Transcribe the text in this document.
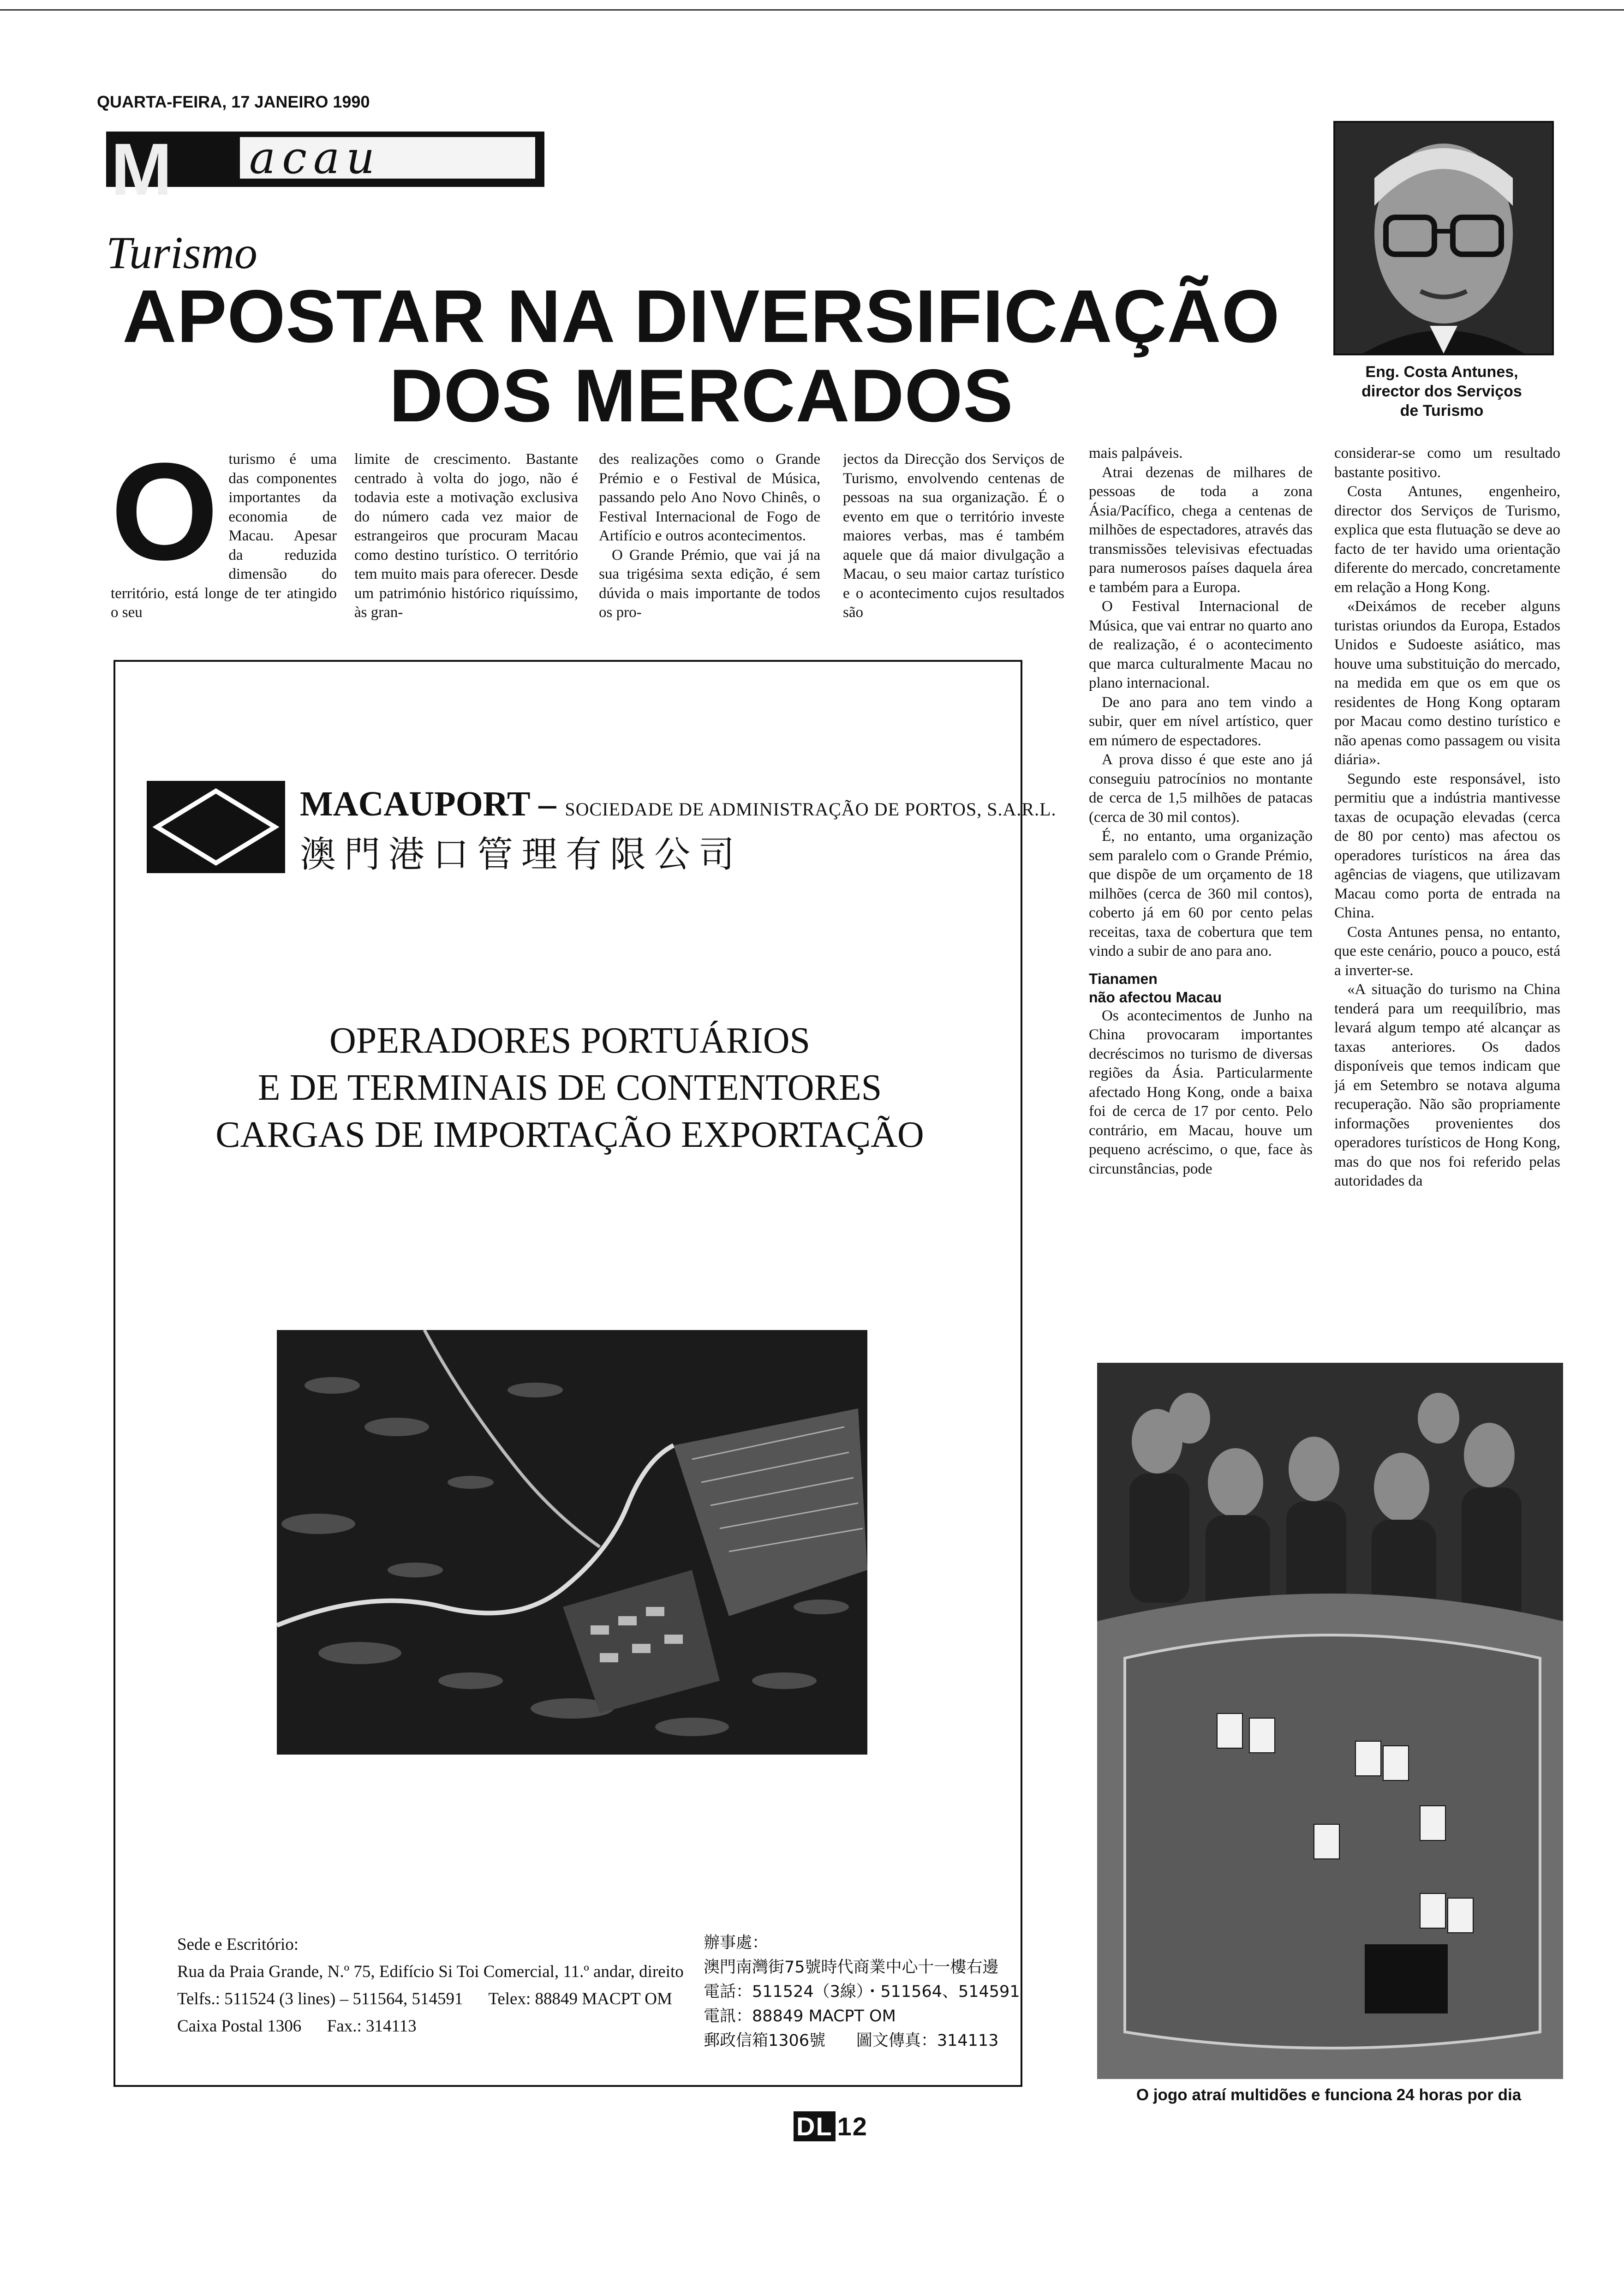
QUARTA-FEIRA, 17 JANEIRO 1990
M acau
Turismo
APOSTAR NA DIVERSIFICAÇÃO
DOS MERCADOS	Eng. Costa Antunes,
director dos Serviços
de Turismo
O turismo é uma das componentes importantes da economia de Macau. Apesar da reduzida dimensão do território, está longe de ter atingido o seu

limite de crescimento. Bastante centrado à volta do jogo, não é todavia este a motivação exclusiva do número cada vez maior de estrangeiros que procuram Macau como destino turístico. O território tem muito mais para oferecer. Desde um património histórico riquíssimo, às gran-

des realizações como o Grande Prémio e o Festival de Música, passando pelo Ano Novo Chinês, o Festival Internacional de Fogo de Artifício e outros acontecimentos.

O Grande Prémio, que vai já na sua trigésima sexta edição, é sem dúvida o mais importante de todos os pro-

jectos da Direcção dos Serviços de Turismo, envolvendo centenas de pessoas na sua organização. É o evento em que o território investe maiores verbas, mas é também aquele que dá maior divulgação a Macau, o seu maior cartaz turístico e o acontecimento cujos resultados são

mais palpáveis.

Atrai dezenas de milhares de pessoas de toda a zona Ásia/Pacífico, chega a centenas de milhões de espectadores, através das transmissões televisivas efectuadas para numerosos países daquela área e também para a Europa.

O Festival Internacional de Música, que vai entrar no quarto ano de realização, é o acontecimento que marca culturalmente Macau no plano internacional.

De ano para ano tem vindo a subir, quer em nível artístico, quer em número de espectadores.

A prova disso é que este ano já conseguiu patrocínios no montante de cerca de 1,5 milhões de patacas (cerca de 30 mil contos).

É, no entanto, uma organização sem paralelo com o Grande Prémio, que dispõe de um orçamento de 18 milhões (cerca de 360 mil contos), coberto já em 60 por cento pelas receitas, taxa de cobertura que tem vindo a subir de ano para ano.

Tianamen
não afectou Macau

Os acontecimentos de Junho na China provocaram importantes decréscimos no turismo de diversas regiões da Ásia. Particularmente afectado Hong Kong, onde a baixa foi de cerca de 17 por cento. Pelo contrário, em Macau, houve um pequeno acréscimo, o que, face às circunstâncias, pode

considerar-se como um resultado bastante positivo.

Costa Antunes, engenheiro, director dos Serviços de Turismo, explica que esta flutuação se deve ao facto de ter havido uma orientação diferente do mercado, concretamente em relação a Hong Kong.

«Deixámos de receber alguns turistas oriundos da Europa, Estados Unidos e Sudoeste asiático, mas houve uma substituição do mercado, na medida em que os em que os residentes de Hong Kong optaram por Macau como destino turístico e não apenas como passagem ou visita diária».

Segundo este responsável, isto permitiu que a indústria mantivesse taxas de ocupação elevadas (cerca de 80 por cento) mas afectou os operadores turísticos na área das agências de viagens, que utilizavam Macau como porta de entrada na China.

Costa Antunes pensa, no entanto, que este cenário, pouco a pouco, está a inverter-se.

«A situação do turismo na China tenderá para um reequilíbrio, mas levará algum tempo até alcançar as taxas anteriores. Os dados disponíveis que temos indicam que já em Setembro se notava alguma recuperação. Não são propriamente informações provenientes dos operadores turísticos de Hong Kong, mas do que nos foi referido pelas autoridades da

MACAUPORT – SOCIEDADE DE ADMINISTRAÇÃO DE PORTOS, S.A.R.L.
澳門港口管理有限公司
OPERADORES PORTUÁRIOS
E DE TERMINAIS DE CONTENTORES
CARGAS DE IMPORTAÇÃO EXPORTAÇÃO
Sede e Escritório:
Rua da Praia Grande, N.º 75, Edifício Si Toi Comercial, 11.º andar, direito
Telfs.: 511524 (3 lines) – 511564, 514591      Telex: 88849 MACPT OM
Caixa Postal 1306      Fax.: 314113
辦事處：
澳門南灣街75號時代商業中心十一樓右邊
電話：511524（3線）・511564、514591
電訊：88849 MACPT OM
郵政信箱1306號      圖文傳真：314113
O jogo atraí multidões e funciona 24 horas por dia
DL 12
